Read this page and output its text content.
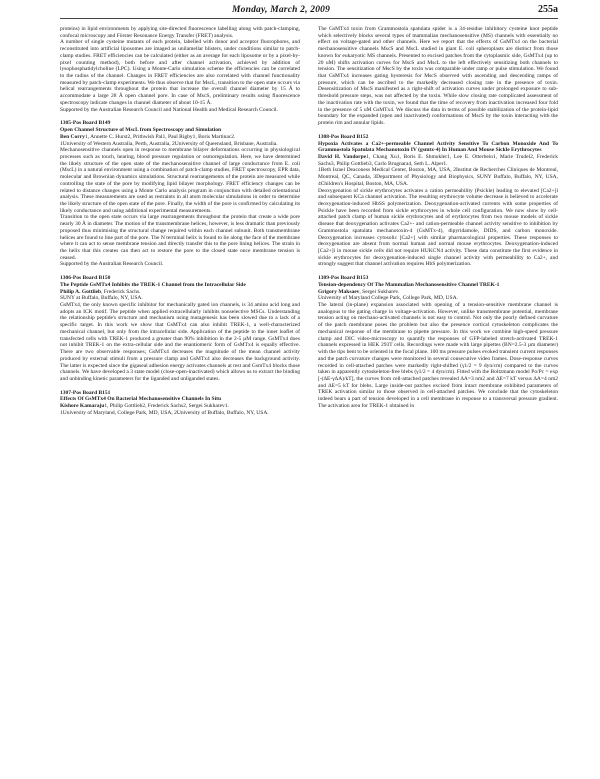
Monday, March 2, 2009	255a

proteins) in lipid environments by applying site-directed fluorescence labelling along with patch-clamping, confocal microscopy and Förster Resonance Energy Transfer (FRET) analysis.

A number of single cysteine mutants of each protein, labelled with donor and acceptor fluorophores, and reconstituted into artificial liposomes are imaged as unilamellar blisters, under conditions similar to patch-clamp studies. FRET efficiencies can be calculated (either as an average for each liposome or by a pixel-by-pixel counting method), both before and after channel activation, achieved by addition of lysophosphatidylcholine (LPC). Using a Monte-Carlo simulation scheme the efficiencies can be correlated to the radius of the channel. Changes in FRET efficiencies are also correlated with channel functionality measured by patch-clamp experiments. We thus observe that for MscL, transition to the open state occurs via helical rearrangements throughout the protein that increase the overall channel diameter by 15 Å to accommodate a large 28 Å open channel pore. In case of MscS, preliminary results using fluorescence spectroscopy indicate changes in channel diameter of about 10-15 Å.

Supported by the Australian Research Council and National Health and Medical Research Council.

1305-Pos Board B149

Open Channel Structure of MscL from Spectroscopy and Simulation

Ben Corry1, Annette C. Hurst2, Prithwish Pal1, Paul Rigby1, Boris Martinac2.

1University of Western Australia, Perth, Australia, 2University of Queensland, Brisbane, Australia.

Mechanosensitive channels open in response to membrane bilayer deformations occurring in physiological processes such as touch, hearing, blood pressure regulation or osmoregulation. Here, we have determined the likely structure of the open state of the mechanosensitive channel of large conductance from E. coli (MscL) in a natural environment using a combination of patch-clamp studies, FRET spectroscopy, EPR data, molecular and Brownian dynamics simulations. Structural rearrangements of the protein are measured while controlling the state of the pore by modifying lipid bilayer morphology. FRET efficiency changes can be related to distance changes using a Monte Carlo analysis program in conjunction with detailed orientational analysis. These measurements are used as restraints in all atom molecular simulations in order to determine the likely structure of the open state of the pore. Finally, the width of the pore is confirmed by calculating its likely conductance and using additional experimental measurements.

Transition to the open state occurs via large rearrangements throughout the protein that create a wide pore nearly 30 Å in diameter. The motion of the transmembrane helices, however, is less dramatic than previously proposed thus minimising the structural change required within each channel subunit. Both transmembrane helices are found to line part of the pore. The N terminal helix is found to lie along the face of the membrane where it can act to sense membrane tension and directly transfer this to the pore lining helices. The strain in the helix that this creates can then act to restore the pore to the closed state once membrane tension is ceased.

Supported by the Australian Research Council.

1306-Pos Board B150

The Peptide GsMTx4 Inhibits the TREK-1 Channel from the Intracellular Side

Philip A. Gottlieb, Frederick Sachs.

SUNY at Buffalo, Buffalo, NY, USA.

GsMTx4, the only known specific inhibitor for mechanically gated ion channels, is 34 amino acid long and adopts an ICK motif. The peptide when applied extracellularly inhibits nonselective MSCs. Understanding the relationship peptide's structure and mechanism using mutagenesis has been slowed due to a lack of a specific target. In this work we show that GsMTx4 can also inhibit TREK-1, a well-characterized mechanical channel, but only from the intracellular side. Application of the peptide to the inner leaflet of transfected cells with TREK-1 produced a greater than 90% inhibition in the 2-5 µM range. GsMTx4 does not inhibit TREK-1 on the extra-cellular side and the enantiomeric form of GsMTx4 is equally effective. There are two observable responses; GsMTx4 decreases the magnitude of the mean channel activity produced by external stimuli from a pressure clamp and GsMTx4 also decreases the background activity. The latter is expected since the gigaseal adhesion energy activates channels at rest and GsmTx4 blocks those channels. We have developed a 3 state model (close-open-inactivated) which allows us to extract the binding and unbinding kinetic parameters for the liganded and unliganded states.

1307-Pos Board B151

Effects Of GsMTx4 On Bacterial Mechanosensitive Channels In Situ

Kishore Kamaraju1, Philip Gottlieb2, Frederick Sachs2, Sergei Sukharev1.

1University of Maryland, College Park, MD, USA, 2University of Buffalo, Buffalo, NY, USA.

The GsMTx4 toxin from Grammostola spatulata spider is a 34-residue inhibitory cysteine knot peptide which selectively blocks several types of mammalian mechanosensitive (MS) channels with essentially no effect on voltage-gated and other channels. Here we report that the effects of GsMTx4 on the bacterial mechanosensitive channels MscS and MscL studied in giant E. coli spheroplasts are distinct from those known for eukaryotic MS channels. Presented to excised patches from the cytoplasmic side, GsMTx4 (up to 20 uM) shifts activation curves for MscS and MscL to the left effectively sensitizing both channels to tension. The sensitization of MscS by the toxin was comparable under ramp or pulse stimulation. We found that GsMTx4 increases gating hysteresis for MscS observed with ascending and descending ramps of pressure, which can be ascribed to the markedly decreased closing rate in the presence of toxin. Desensitization of MscS manifested as a right-shift of activation curves under prolonged exposure to sub-threshold pressure steps, was not affected by the toxin. While slow closing rate complicated assessment of the inactivation rate with the toxin, we found that the time of recovery from inactivation increased four fold in the presence of 5 uM GsMTx4. We discuss the data in terms of possible stabilization of the protein-lipid boundary for the expanded (open and inactivated) conformations of MscS by the toxin interacting with the protein rim and annular lipids.

1308-Pos Board B152

Hypoxia Activates a Ca2+-permeable Channel Activity Sensitive To Carbon Monoxide And To Grammostola Spatulata Mechanotoxin IV (gsmtx-4) In Human And Mouse Sickle Erythrocytes

David H. Vandorpe1, Chang Xu1, Boris E. Shmukler1, Lee E. Otterbein1, Marie Trudel2, Frederick Sachs3, Philip Gottlieb3, Carlo Brugnara4, Seth L. Alper1.

1Beth Israel Deaconess Medical Center, Boston, MA, USA, 2Institut de Recherches Cliniques de Montreal, Montreal, QC, Canada, 3Department of Physiology and Biophysics, SUNY Buffalo, Buffalo, NY, USA, 4Children's Hospital, Boston, MA, USA.

Deoxygenation of sickle erythrocytes activates a cation permeability (Psickle) leading to elevated [Ca2+]i and subsequent KCa channel activation. The resulting erythrocyte volume decrease is believed to accelerate deoxygenation-induced HbSS polymerization. Deoxygenation-activated currents with some properties of Psickle have been recorded from sickle erythrocytes in whole cell configuration. We now show by cell-attached patch clamp of human sickle erythrocytes and of erythrocytes from two mouse models of sickle disease that deoxygenation activates Ca2+- and cation-permeable channel activity sensitive to inhibition by Grammostola spatulata mechanotoxin-4 (GsMTx-4), dipyridamole, DIDS, and carbon monoxide. Deoxygenation increases cytosolic [Ca2+] with similar pharmacological properties. These responses to deoxygenation are absent from normal human and normal mouse erythrocytes. Deoxygenation-induced [Ca2+]i in mouse sickle cells did not require HUKCN4 activity. These data constitute the first evidence in sickle erythrocytes for deoxygenation-induced single channel activity with permeability to Ca2+, and strongly suggest that channel activation requires HbS polymerization.

1309-Pos Board B153

Tension-dependency Of The Mammalian Mechanosensitive Channel TREK-1

Grigory Maksaev, Sergei Sukharev.

University of Maryland College Park, College Park, MD, USA.

The lateral (in-plane) expansion associated with opening of a tension-sensitive membrane channel is analogous to the gating charge in voltage-activation. However, unlike transmembrane potential, membrane tension acting on mechano-activated channels is not easy to control. Not only the poorly defined curvature of the patch membrane poses the problem but also the presence cortical cytoskeleton complicates the mechanical response of the membrane to pipette pressure. In this work we combine high-speed pressure clamp and DIC video-microscopy to quantify the responses of GFP-labeled stretch-activated TREK-1 channels expressed in HEK 293T cells. Recordings were made with large pipettes (BN=2.5-3 µm diameter) with the tips bent to be oriented in the focal plane. 100 ms pressure pulses evoked transient current responses and the patch curvature changes were monitored in several consecutive video frames. Dose-response curves recorded in cell-attached patches were markedly right-shifted (γ1/2 = 9 dyn/cm) compared to the curves taken in apparently cytoskeleton-free blebs (γ1/2 = 4 dyn/cm). Fitted with the Boltzmann model Po/Pc = exp [-(ΔE-γΔA)/kT], the curves from cell-attached patches revealed ΔA=3 nm2 and ΔE=7 kT versus ΔA=4 nm2 and ΔE=5 kT for blebs. Large inside-out patches excised from intact membrane exhibited parameters of TREK activation similar to those observed in cell-attached patches. We conclude that the cytoskeleton indeed bears a part of tension developed in a cell membrane in response to a transversal pressure gradient. The activation area for TREK-1 obtained in
